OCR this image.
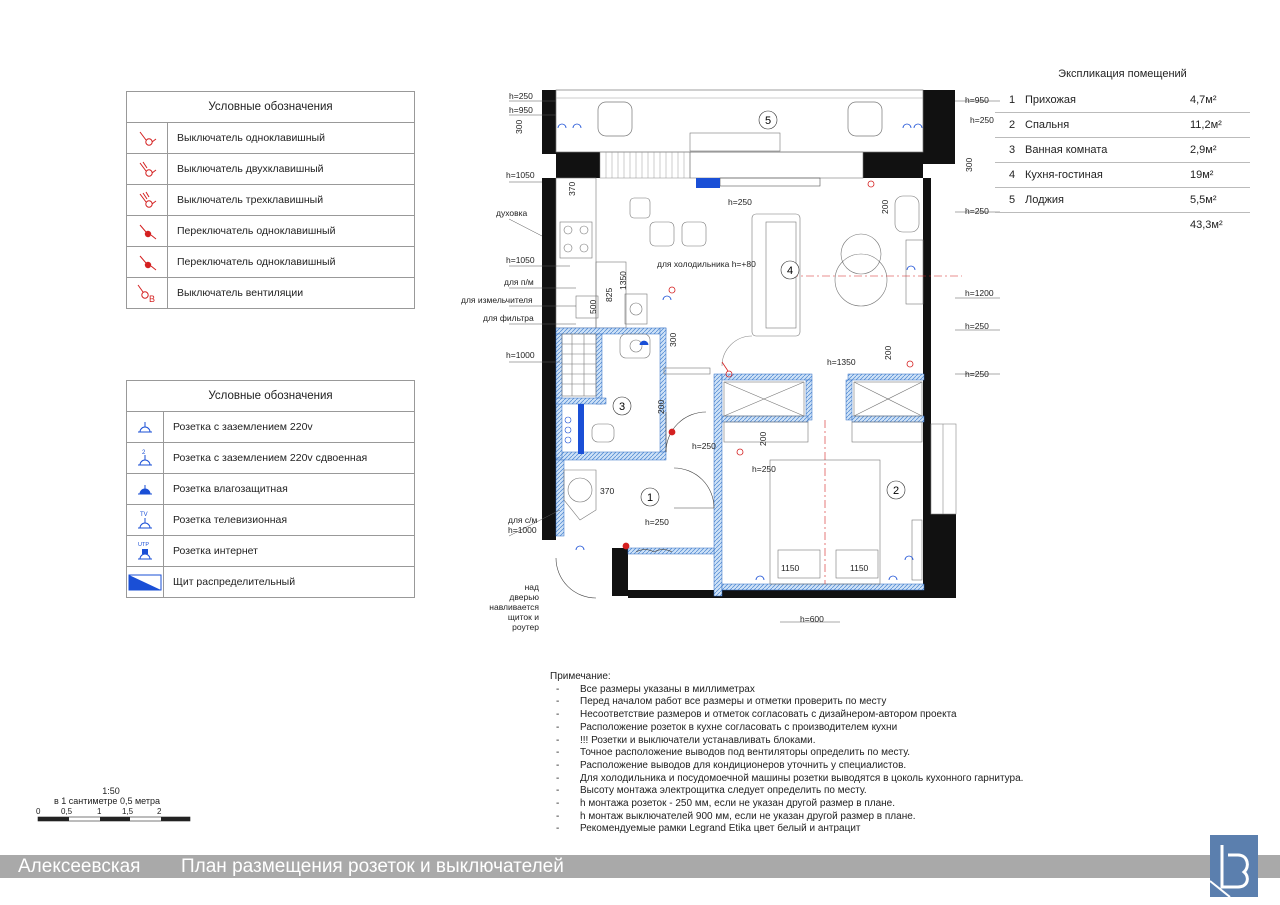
Условные обозначения
Выключатель одноклавишный
Выключатель двухклавишный
Выключатель трехклавишный
Переключатель одноклавишный
Переключатель одноклавишный
В	Выключатель вентиляции
Условные обозначения
Розетка с заземлением 220v
2	Розетка с заземлением 220v сдвоенная
Розетка влагозащитная
TV	Розетка телевизионная
UTP	Розетка интернет
Щит распределительный
1
2
3
4
5
h=250
h=950
300
h=1050
духовка
h=1050
для п/м
для измельчителя
для фильтра
h=1000
для с/м
h=1000
h=950
h=250
300
h=250
h=1200
h=250
h=250
370
h=250
для холодильника h=+80
1350
825
500
300
200
200
200
h=1350
h=250
h=250
370
h=250
1150	1150
h=600
200
над
дверью
навливается
щиток и
роутер
Экспликация помещений
1 Прихожая	4,7м²
2 Спальня	11,2м²
3 Ванная комната	2,9м²
4 Кухня-гостиная	19м²
5 Лоджия	5,5м²
43,3м²
Примечание:
-	Все размеры указаны в миллиметрах
-	Перед началом работ все размеры и отметки проверить по месту
-	Несоответствие размеров и отметок согласовать с дизайнером-автором проекта
-	Расположение розеток в кухне согласовать с производителем кухни
-	!!! Розетки и выключатели устанавливать блоками.
-	Точное расположение выводов под вентиляторы определить по месту.
-	Расположение выводов для кондиционеров уточнить у специалистов.
-	Для холодильника и посудомоечной машины розетки выводятся в цоколь кухонного гарнитура.
-	Высоту монтажа электрощитка следует определить по месту.
-	h монтажа розеток - 250 мм, если не указан другой размер в плане.
-	h монтаж выключателей 900 мм, если не указан другой размер в плане.
-	Рекомендуемые рамки Legrand Etika цвет белый и антрацит
1:50
в 1 сантиметре 0,5 метра
0	0,5	1	1,5	2
Алексеевская План размещения розеток и выключателей
